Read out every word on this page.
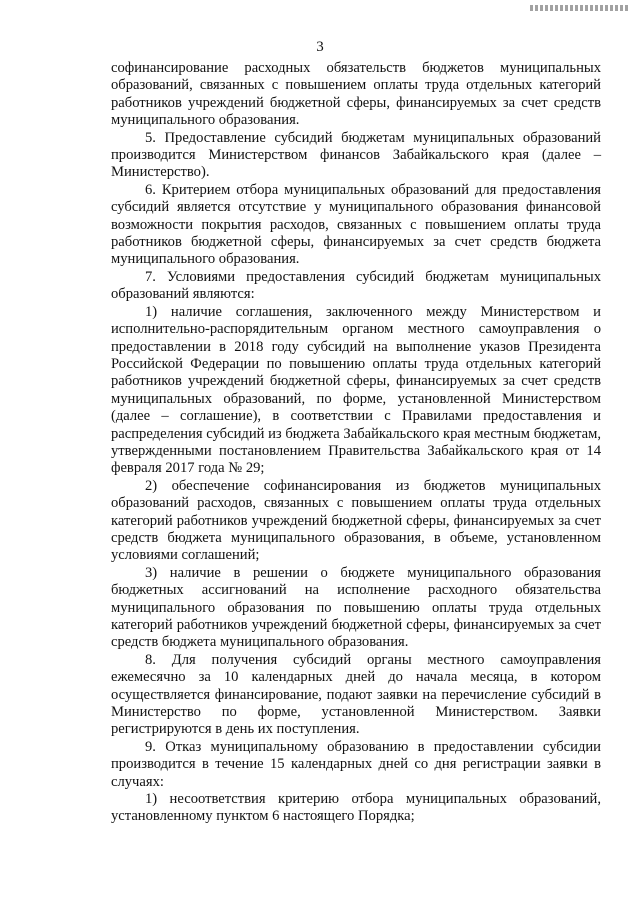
3

софинансирование расходных обязательств бюджетов муниципальных образований, связанных с повышением оплаты труда отдельных категорий работников учреждений бюджетной сферы, финансируемых за счет средств муниципального образования.

5. Предоставление субсидий бюджетам муниципальных образований производится Министерством финансов Забайкальского края (далее – Министерство).

6. Критерием отбора муниципальных образований для предоставления субсидий является отсутствие у муниципального образования финансовой возможности покрытия расходов, связанных с повышением оплаты труда работников бюджетной сферы, финансируемых за счет средств бюджета муниципального образования.

7. Условиями предоставления субсидий бюджетам муниципальных образований являются:

1) наличие соглашения, заключенного между Министерством и исполнительно-распорядительным органом местного самоуправления о предоставлении в 2018 году субсидий на выполнение указов Президента Российской Федерации по повышению оплаты труда отдельных категорий работников учреждений бюджетной сферы, финансируемых за счет средств муниципальных образований, по форме, установленной Министерством (далее – соглашение), в соответствии с Правилами предоставления и распределения субсидий из бюджета Забайкальского края местным бюджетам, утвержденными постановлением Правительства Забайкальского края от 14 февраля 2017 года № 29;

2) обеспечение софинансирования из бюджетов муниципальных образований расходов, связанных с повышением оплаты труда отдельных категорий работников учреждений бюджетной сферы, финансируемых за счет средств бюджета муниципального образования, в объеме, установленном условиями соглашений;

3) наличие в решении о бюджете муниципального образования бюджетных ассигнований на исполнение расходного обязательства муниципального образования по повышению оплаты труда отдельных категорий работников учреждений бюджетной сферы, финансируемых за счет средств бюджета муниципального образования.

8. Для получения субсидий органы местного самоуправления ежемесячно за 10 календарных дней до начала месяца, в котором осуществляется финансирование, подают заявки на перечисление субсидий в Министерство по форме, установленной Министерством. Заявки регистрируются в день их поступления.

9. Отказ муниципальному образованию в предоставлении субсидии производится в течение 15 календарных дней со дня регистрации заявки в случаях:

1) несоответствия критерию отбора муниципальных образований, установленному пунктом 6 настоящего Порядка;
